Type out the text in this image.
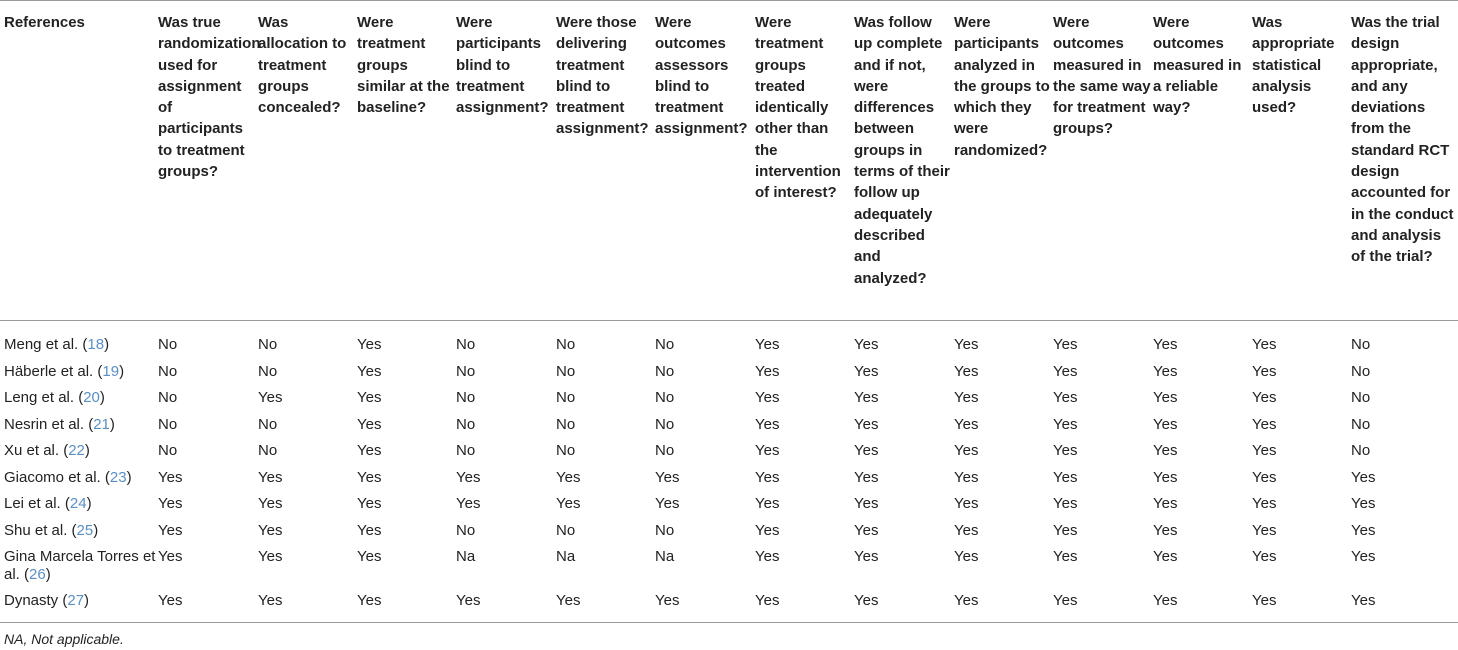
References	Was true randomization used for assignment of participants to treatment groups?	Was allocation to treatment groups concealed?	Were treatment groups similar at the baseline?	Were participants blind to treatment assignment?	Were those delivering treatment blind to treatment assignment?	Were outcomes assessors blind to treatment assignment?	Were treatment groups treated identically other than the intervention of interest?	Was follow up complete and if not, were differences between groups in terms of their follow up adequately described and analyzed?	Were participants analyzed in the groups to which they were randomized?	Were outcomes measured in the same way for treatment groups?	Were outcomes measured in a reliable way?	Was appropriate statistical analysis used?	Was the trial design appropriate, and any deviations from the standard RCT design accounted for in the conduct and analysis of the trial?
Meng et al. (18)	No	No	Yes	No	No	No	Yes	Yes	Yes	Yes	Yes	Yes	No
Häberle et al. (19)	No	No	Yes	No	No	No	Yes	Yes	Yes	Yes	Yes	Yes	No
Leng et al. (20)	No	Yes	Yes	No	No	No	Yes	Yes	Yes	Yes	Yes	Yes	No
Nesrin et al. (21)	No	No	Yes	No	No	No	Yes	Yes	Yes	Yes	Yes	Yes	No
Xu et al. (22)	No	No	Yes	No	No	No	Yes	Yes	Yes	Yes	Yes	Yes	No
Giacomo et al. (23)	Yes	Yes	Yes	Yes	Yes	Yes	Yes	Yes	Yes	Yes	Yes	Yes	Yes
Lei et al. (24)	Yes	Yes	Yes	Yes	Yes	Yes	Yes	Yes	Yes	Yes	Yes	Yes	Yes
Shu et al. (25)	Yes	Yes	Yes	No	No	No	Yes	Yes	Yes	Yes	Yes	Yes	Yes
Gina Marcela Torres et al. (26)	Yes	Yes	Yes	Na	Na	Na	Yes	Yes	Yes	Yes	Yes	Yes	Yes
Dynasty (27)	Yes	Yes	Yes	Yes	Yes	Yes	Yes	Yes	Yes	Yes	Yes	Yes	Yes
NA, Not applicable.
